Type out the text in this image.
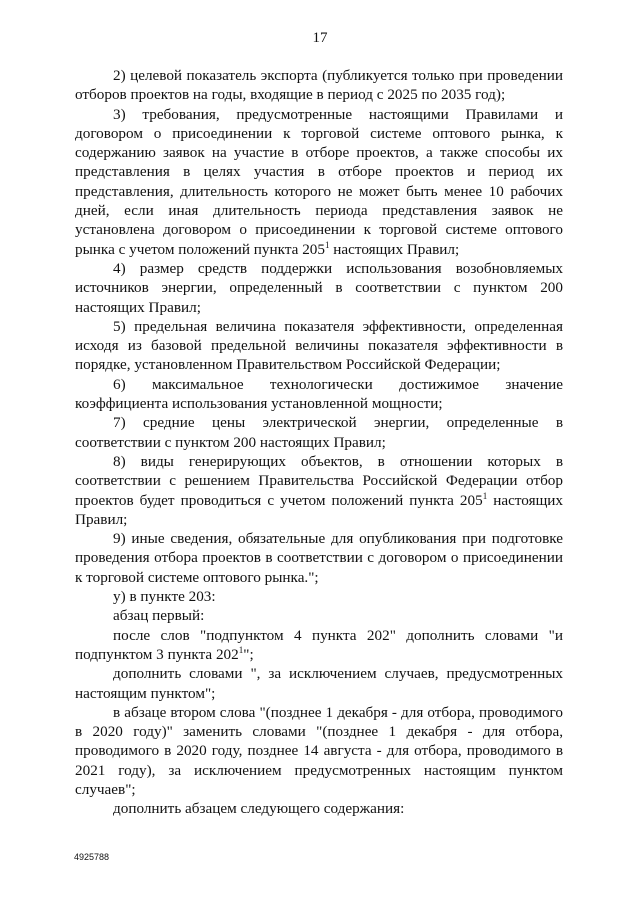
17

2) целевой показатель экспорта (публикуется только при проведении отборов проектов на годы, входящие в период с 2025 по 2035 год);

3) требования, предусмотренные настоящими Правилами и договором о присоединении к торговой системе оптового рынка, к содержанию заявок на участие в отборе проектов, а также способы их представления в целях участия в отборе проектов и период их представления, длительность которого не может быть менее 10 рабочих дней, если иная длительность периода представления заявок не установлена договором о присоединении к торговой системе оптового рынка с учетом положений пункта $205^1$ настоящих Правил;

4) размер средств поддержки использования возобновляемых источников энергии, определенный в соответствии с пунктом 200 настоящих Правил;

5) предельная величина показателя эффективности, определенная исходя из базовой предельной величины показателя эффективности в порядке, установленном Правительством Российской Федерации;

6) максимальное технологически достижимое значение коэффициента использования установленной мощности;

7) средние цены электрической энергии, определенные в соответствии с пунктом 200 настоящих Правил;

8) виды генерирующих объектов, в отношении которых в соответствии с решением Правительства Российской Федерации отбор проектов будет проводиться с учетом положений пункта $205^1$ настоящих Правил;

9) иные сведения, обязательные для опубликования при подготовке проведения отбора проектов в соответствии с договором о присоединении к торговой системе оптового рынка.";

у) в пункте 203:

абзац первый:

после слов "подпунктом 4 пункта 202" дополнить словами "и подпунктом 3 пункта $202^1$";

дополнить словами ", за исключением случаев, предусмотренных настоящим пунктом";

в абзаце втором слова "(позднее 1 декабря - для отбора, проводимого в 2020 году)" заменить словами "(позднее 1 декабря - для отбора, проводимого в 2020 году, позднее 14 августа - для отбора, проводимого в 2021 году), за исключением предусмотренных настоящим пунктом случаев";

дополнить абзацем следующего содержания:

4925788
